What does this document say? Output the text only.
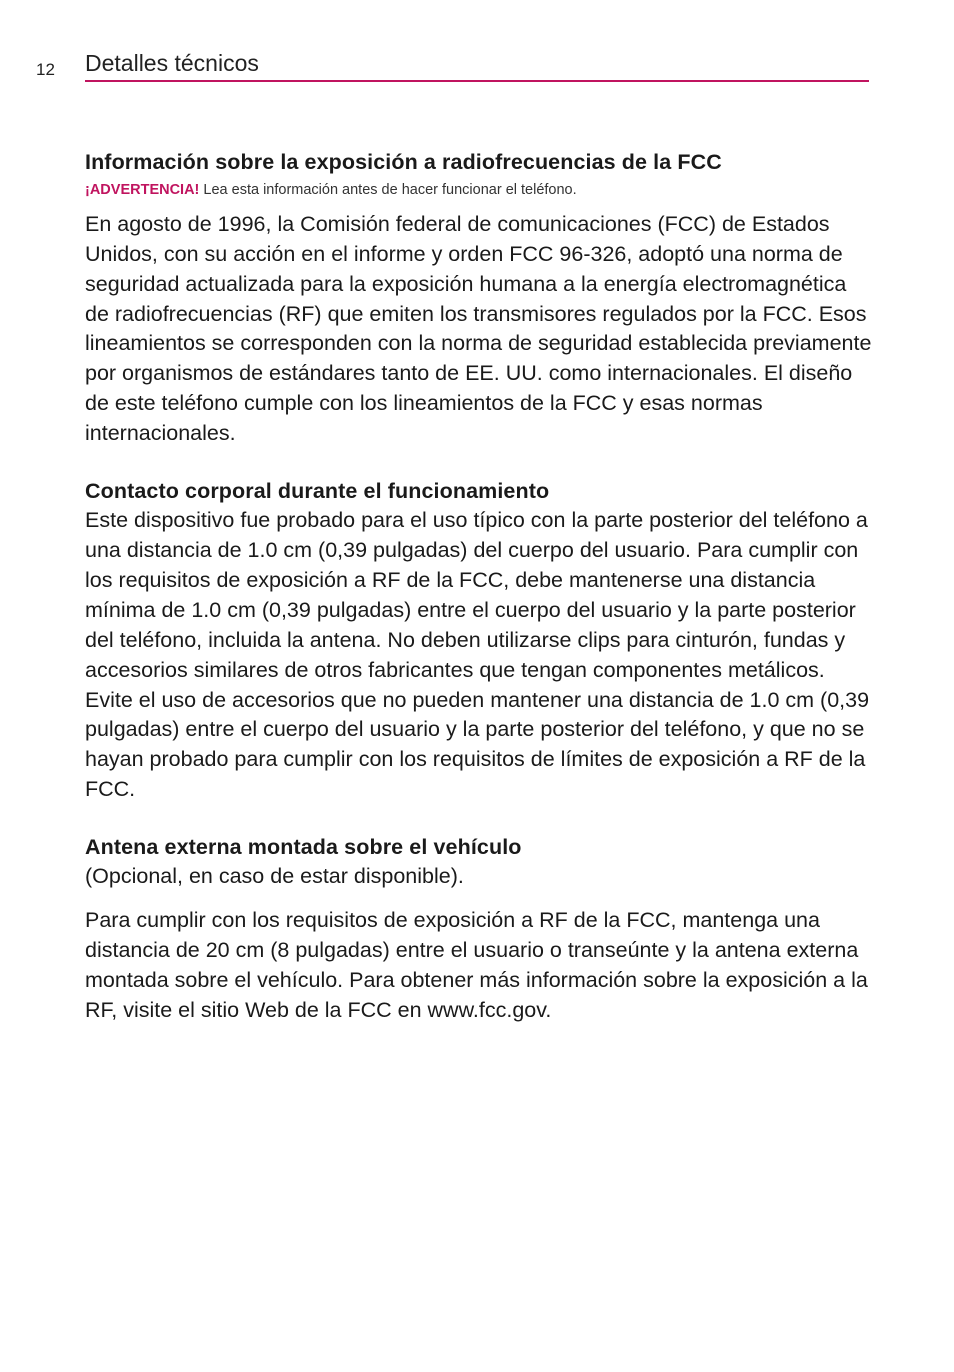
12 Detalles técnicos
Información sobre la exposición a radiofrecuencias de la FCC
¡ADVERTENCIA! Lea esta información antes de hacer funcionar el teléfono.

En agosto de 1996, la Comisión federal de comunicaciones (FCC) de Estados Unidos, con su acción en el informe y orden FCC 96-326, adoptó una norma de seguridad actualizada para la exposición humana a la energía electromagnética de radiofrecuencias (RF) que emiten los transmisores regulados por la FCC. Esos lineamientos se corresponden con la norma de seguridad establecida previamente por organismos de estándares tanto de EE. UU. como internacionales. El diseño de este teléfono cumple con los lineamientos de la FCC y esas normas internacionales.

Contacto corporal durante el funcionamiento

Este dispositivo fue probado para el uso típico con la parte posterior del teléfono a una distancia de 1.0 cm (0,39 pulgadas) del cuerpo del usuario. Para cumplir con los requisitos de exposición a RF de la FCC, debe mantenerse una distancia mínima de 1.0 cm (0,39 pulgadas) entre el cuerpo del usuario y la parte posterior del teléfono, incluida la antena. No deben utilizarse clips para cinturón, fundas y accesorios similares de otros fabricantes que tengan componentes metálicos. Evite el uso de accesorios que no pueden mantener una distancia de 1.0 cm (0,39 pulgadas) entre el cuerpo del usuario y la parte posterior del teléfono, y que no se hayan probado para cumplir con los requisitos de límites de exposición a RF de la FCC.

Antena externa montada sobre el vehículo

(Opcional, en caso de estar disponible).

Para cumplir con los requisitos de exposición a RF de la FCC, mantenga una distancia de 20 cm (8 pulgadas) entre el usuario o transeúnte y la antena externa montada sobre el vehículo. Para obtener más información sobre la exposición a la RF, visite el sitio Web de la FCC en www.fcc.gov.
